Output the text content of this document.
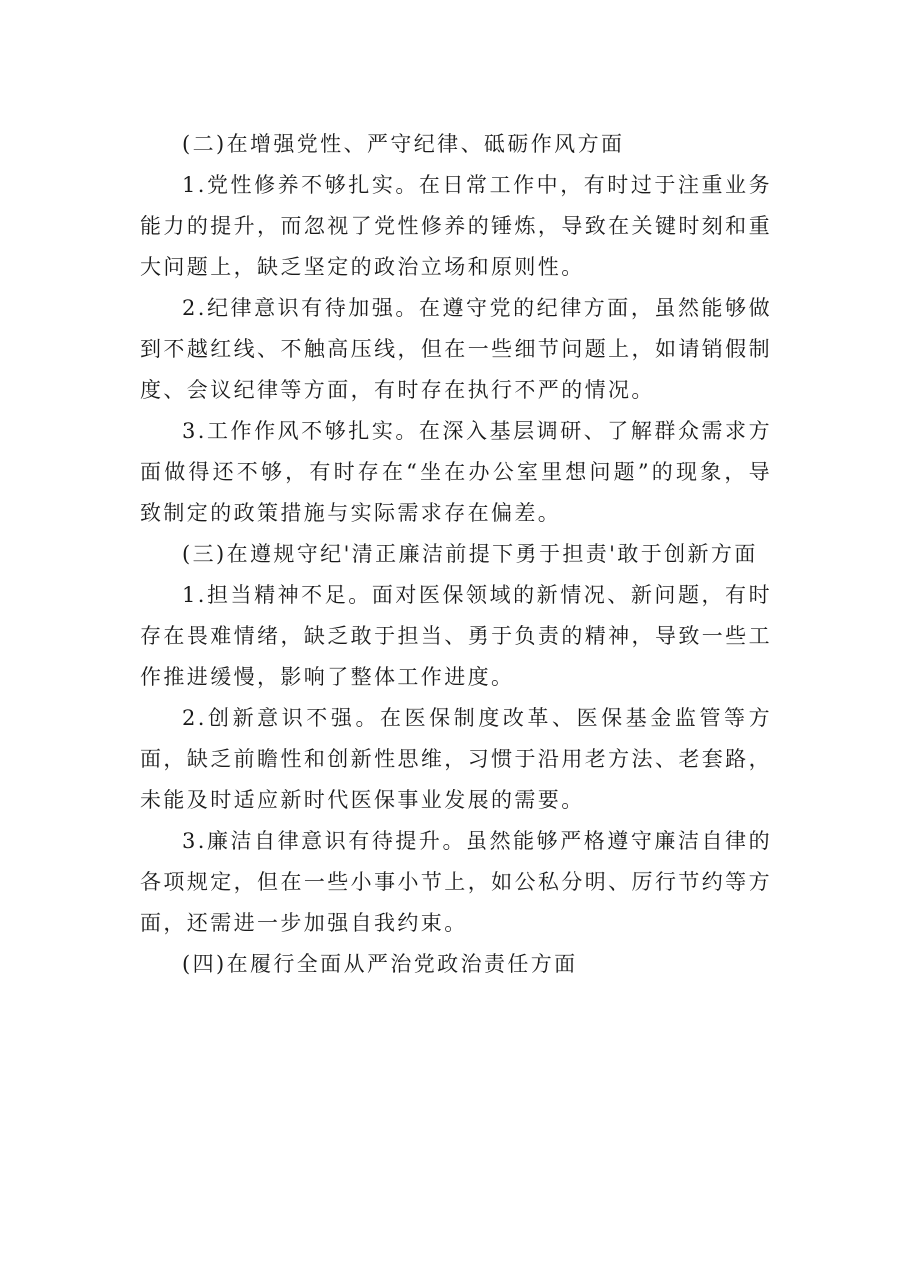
(二)在增强党性、严守纪律、砥砺作风方面

1.党性修养不够扎实。在日常工作中，有时过于注重业务能力的提升，而忽视了党性修养的锤炼，导致在关键时刻和重大问题上，缺乏坚定的政治立场和原则性。

2.纪律意识有待加强。在遵守党的纪律方面，虽然能够做到不越红线、不触高压线，但在一些细节问题上，如请销假制度、会议纪律等方面，有时存在执行不严的情况。

3.工作作风不够扎实。在深入基层调研、了解群众需求方面做得还不够，有时存在“坐在办公室里想问题”的现象，导致制定的政策措施与实际需求存在偏差。

(三)在遵规守纪'清正廉洁前提下勇于担责'敢于创新方面

1.担当精神不足。面对医保领域的新情况、新问题，有时存在畏难情绪，缺乏敢于担当、勇于负责的精神，导致一些工作推进缓慢，影响了整体工作进度。

2.创新意识不强。在医保制度改革、医保基金监管等方面，缺乏前瞻性和创新性思维，习惯于沿用老方法、老套路，未能及时适应新时代医保事业发展的需要。

3.廉洁自律意识有待提升。虽然能够严格遵守廉洁自律的各项规定，但在一些小事小节上，如公私分明、厉行节约等方面，还需进一步加强自我约束。

(四)在履行全面从严治党政治责任方面
